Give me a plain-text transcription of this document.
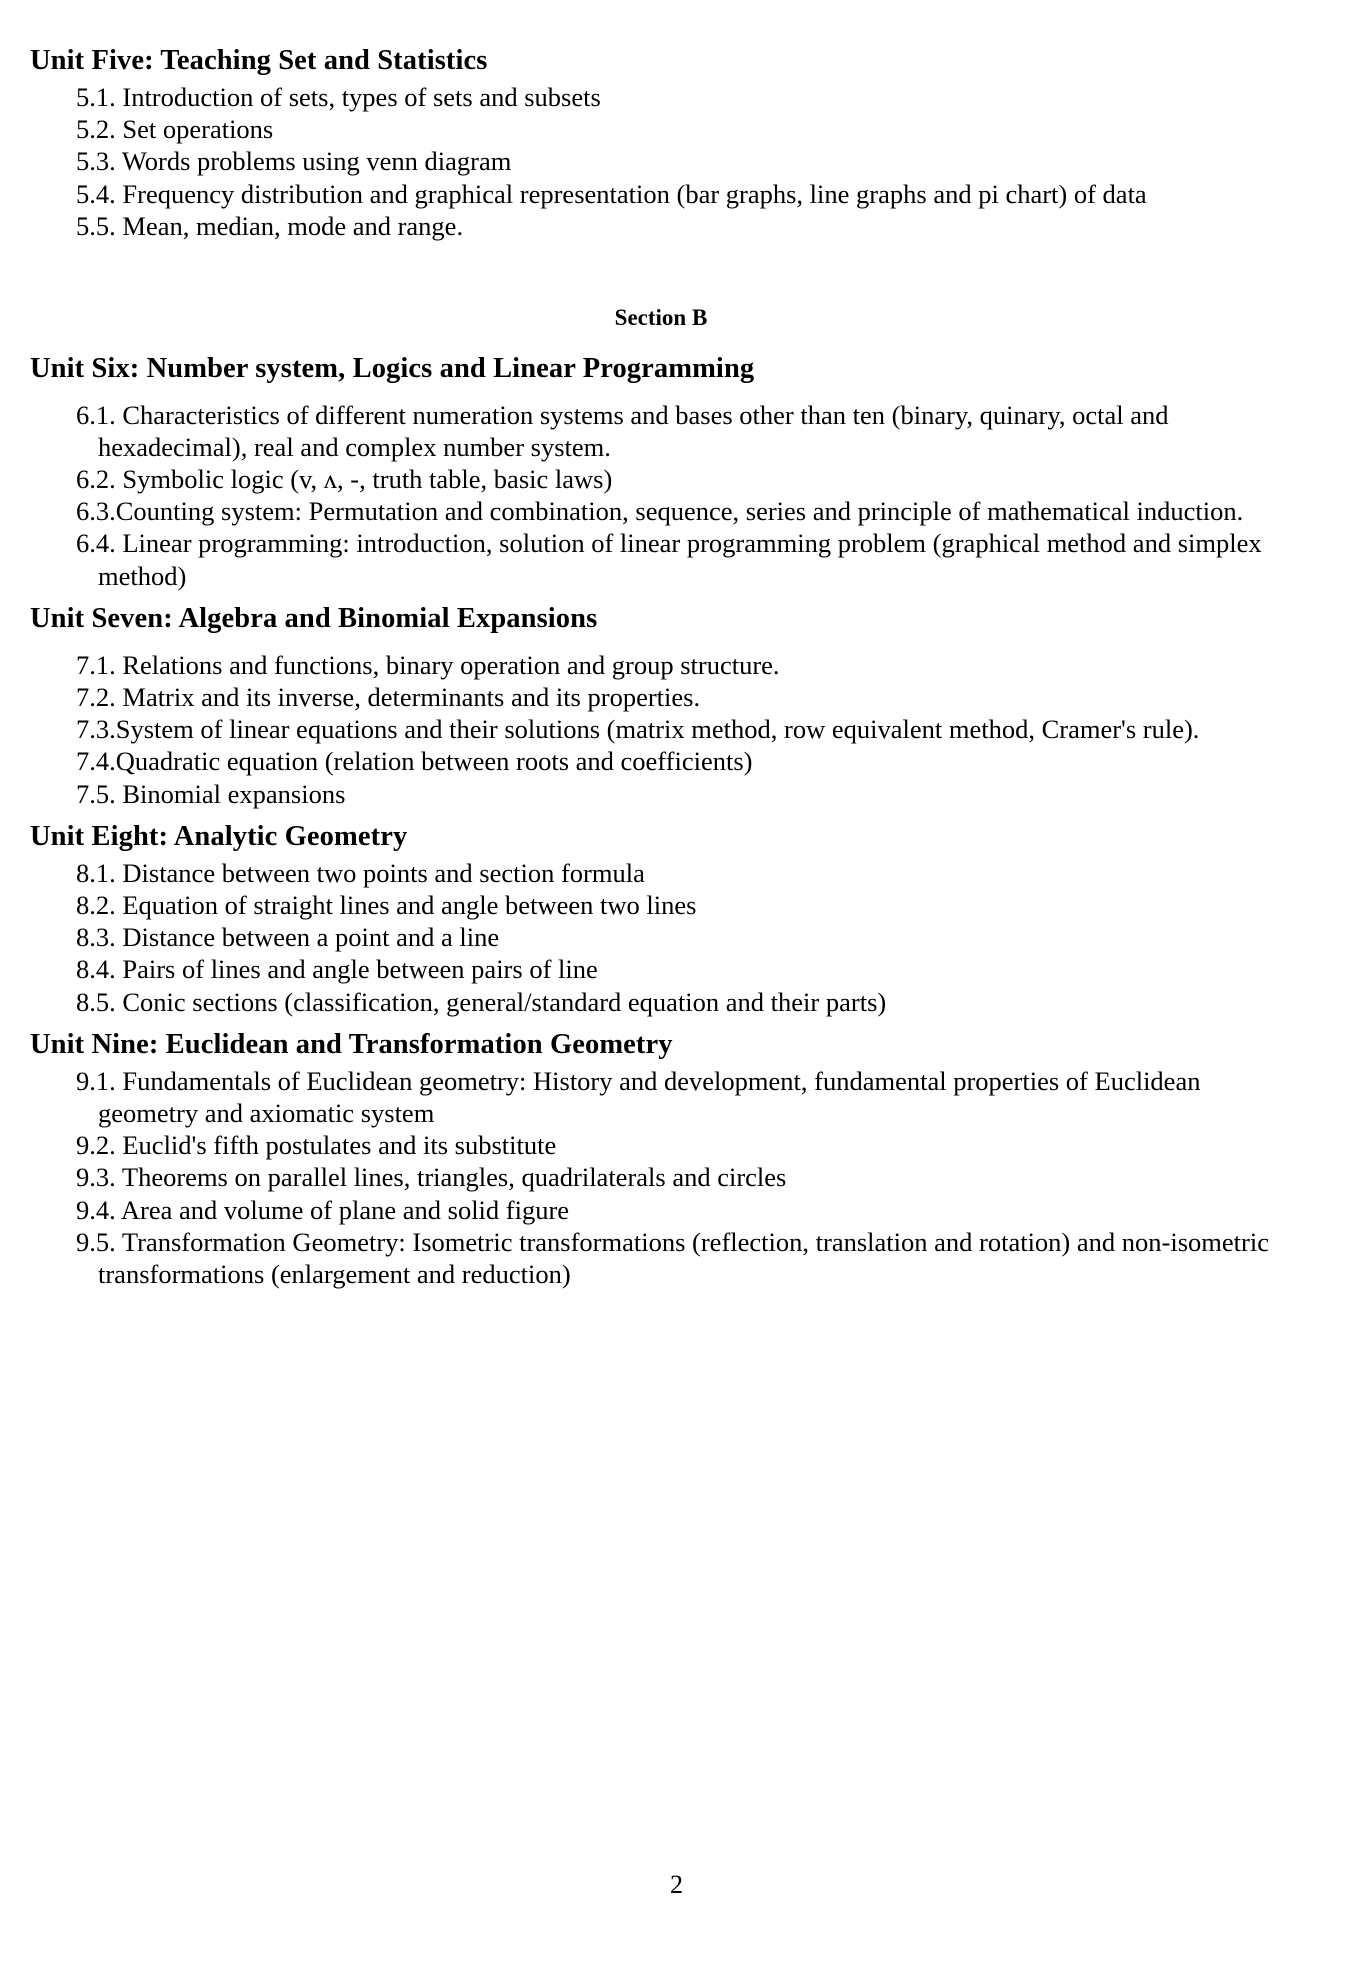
Unit Five: Teaching Set and Statistics
5.1. Introduction of sets, types of sets and subsets
5.2. Set operations
5.3. Words problems using venn diagram
5.4. Frequency distribution and graphical representation (bar graphs, line graphs and pi chart) of data
5.5. Mean, median, mode and range.
Section B
Unit Six: Number system, Logics and Linear Programming
6.1. Characteristics of different numeration systems and bases other than ten (binary, quinary, octal and hexadecimal), real and complex number system.
6.2. Symbolic logic (v, ʌ, -, truth table, basic laws)
6.3.Counting system: Permutation and combination, sequence, series and principle of mathematical induction.
6.4. Linear programming: introduction, solution of linear programming problem (graphical method and simplex method)
Unit Seven: Algebra and Binomial Expansions
7.1. Relations and functions, binary operation and group structure.
7.2. Matrix and its inverse, determinants and its properties.
7.3.System of linear equations and their solutions (matrix method, row equivalent method, Cramer's rule).
7.4.Quadratic equation (relation between roots and coefficients)
7.5. Binomial expansions
Unit Eight: Analytic Geometry
8.1. Distance between two points and section formula
8.2. Equation of straight lines and angle between two lines
8.3. Distance between a point and a line
8.4. Pairs of lines and angle between pairs of line
8.5. Conic sections (classification, general/standard equation and their parts)
Unit Nine: Euclidean and Transformation Geometry
9.1. Fundamentals of Euclidean geometry: History and development, fundamental properties of Euclidean geometry and axiomatic system
9.2. Euclid's fifth postulates and its substitute
9.3. Theorems on parallel lines, triangles, quadrilaterals and circles
9.4. Area and volume of plane and solid figure
9.5. Transformation Geometry: Isometric transformations (reflection, translation and rotation) and non-isometric transformations (enlargement and reduction)
2
